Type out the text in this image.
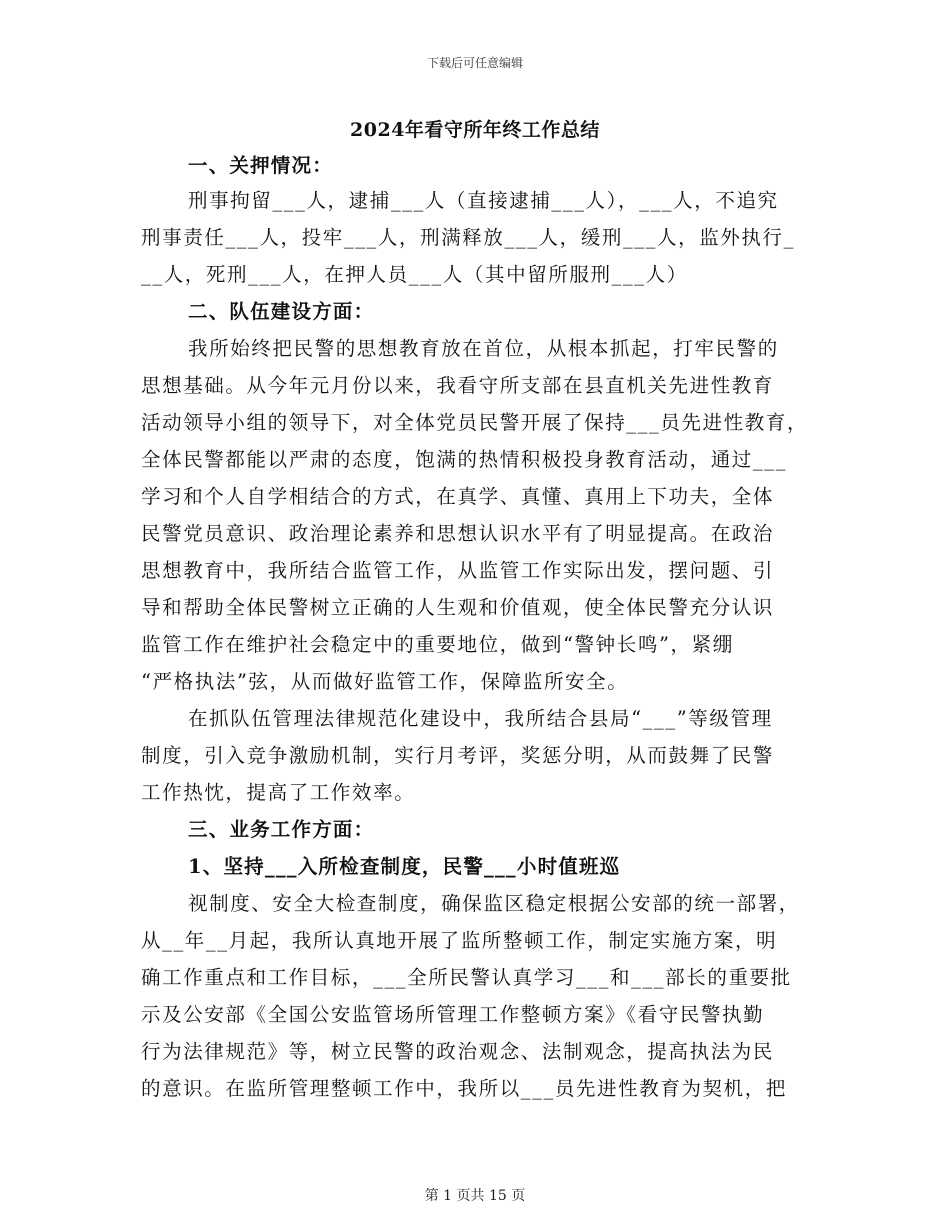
下载后可任意编辑
2024年看守所年终工作总结
一、关押情况：
刑事拘留___人，逮捕___人（直接逮捕___人），___人，不追究
刑事责任___人，投牢___人，刑满释放___人，缓刑___人，监外执行_
__人，死刑___人，在押人员___人（其中留所服刑___人）
二、队伍建设方面：
我所始终把民警的思想教育放在首位，从根本抓起，打牢民警的
思想基础。从今年元月份以来，我看守所支部在县直机关先进性教育
活动领导小组的领导下，对全体党员民警开展了保持___员先进性教育，
全体民警都能以严肃的态度，饱满的热情积极投身教育活动，通过___
学习和个人自学相结合的方式，在真学、真懂、真用上下功夫，全体
民警党员意识、政治理论素养和思想认识水平有了明显提高。在政治
思想教育中，我所结合监管工作，从监管工作实际出发，摆问题、引
导和帮助全体民警树立正确的人生观和价值观，使全体民警充分认识
监管工作在维护社会稳定中的重要地位，做到“警钟长鸣”，紧绷
“严格执法”弦，从而做好监管工作，保障监所安全。
在抓队伍管理法律规范化建设中，我所结合县局“___”等级管理
制度，引入竞争激励机制，实行月考评，奖惩分明，从而鼓舞了民警
工作热忱，提高了工作效率。
三、业务工作方面：
1、坚持___入所检查制度，民警___小时值班巡
视制度、安全大检查制度，确保监区稳定根据公安部的统一部署，
从__年__月起，我所认真地开展了监所整顿工作，制定实施方案，明
确工作重点和工作目标，___全所民警认真学习___和___部长的重要批
示及公安部《全国公安监管场所管理工作整顿方案》《看守民警执勤
行为法律规范》等，树立民警的政治观念、法制观念，提高执法为民
的意识。在监所管理整顿工作中，我所以___员先进性教育为契机，把
第 1 页共 15 页
